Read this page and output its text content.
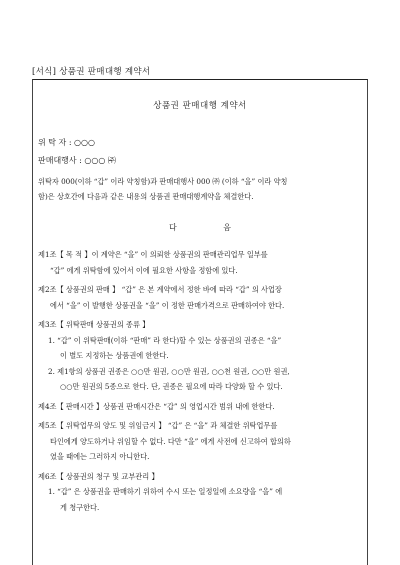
[서식] 상품권 판매대행 계약서
상품권 판매대행 계약서
위 탁 자 : ○○○
판매대행사 : ○○○ ㈜
위탁자 000(이하 “갑” 이라 약칭함)과 판매대행사 000 ㈜ (이하 “을” 이라 약칭
함)은 상호간에 다음과 같은 내용의 상품권 판매대행계약을 체결한다.
다 음
제1조【 목 적 】이 계약은 “을” 이 의뢰한 상품권의 판매관리업무 일부를
“갑” 에게 위탁함에 있어서 이에 필요한 사항을 정함에 있다.
제2조【 상품권의 판매 】 “갑” 은 본 계약에서 정한 바에 따라 “갑” 의 사업장
에서 “을” 이 발행한 상품권을 “을” 이 정한 판매가격으로 판매하여야 한다.
제3조【 위탁판매 상품권의 종류 】
1. “갑” 이 위탁판매(이하 “판매” 라 한다)할 수 있는 상품권의 권종은 “을”
이 별도 지정하는 상품권에 한한다.
2. 제1항의 상품권 권종은 ○○만 원권, ○○만 원권, ○○천 원권, ○○만 원권,
○○만 원권의 5종으로 한다. 단, 권종은 필요에 따라 다양화 할 수 있다.
제4조【 판매시간 】상품권 판매시간은 “갑” 의 영업시간 범위 내에 한한다.
제5조【 위탁업무의 양도 및 위임금지 】 “갑” 은 “을” 과 체결한 위탁업무를
타인에게 양도하거나 위임할 수 없다. 다만 “을” 에게 사전에 신고하여 합의하
였을 때에는 그러하지 아니한다.
제6조【 상품권의 청구 및 교부관리 】
1. “갑” 은 상품권을 판매하기 위하여 수시 또는 일정일에 소요량을 “을” 에
게 청구한다.
